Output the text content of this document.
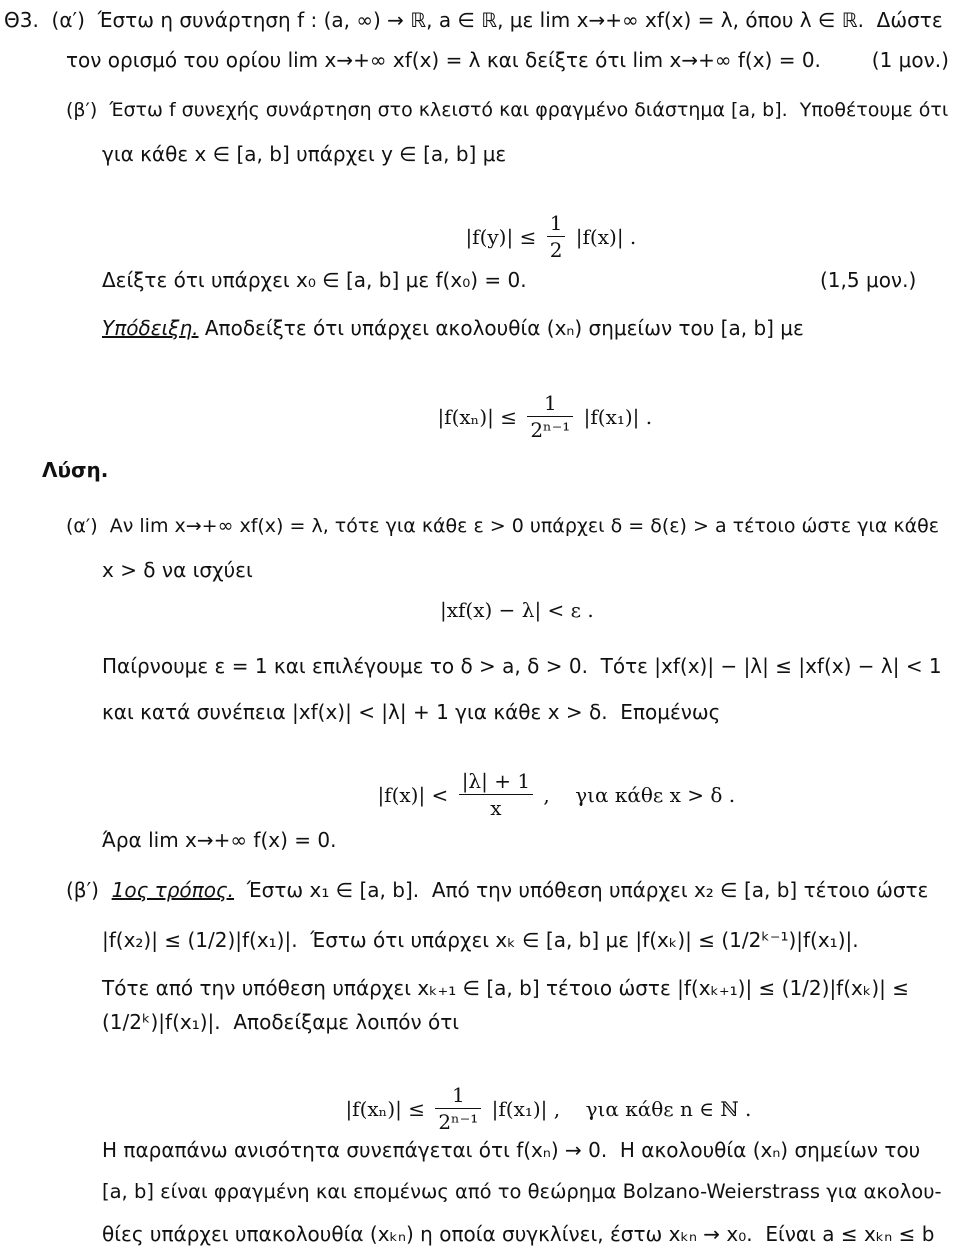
Θ3.  (α′)  Έστω η συνάρτηση f : (a, ∞) → ℝ, a ∈ ℝ, με lim x→+∞ xf(x) = λ, όπου λ ∈ ℝ.  Δώστε
τον ορισμό του ορίου lim x→+∞ xf(x) = λ και δείξτε ότι lim x→+∞ f(x) = 0.        (1 μον.)
(β′)  Έστω f συνεχής συνάρτηση στο κλειστό και φραγμένο διάστημα [a, b].  Υποθέτουμε ότι
για κάθε x ∈ [a, b] υπάρχει y ∈ [a, b] με

$|f(y)| \le \frac{1}{2} |f(x)|$ .

Δείξτε ότι υπάρχει x₀ ∈ [a, b] με f(x₀) = 0.	(1,5 μον.)
Υπόδειξη. Αποδείξτε ότι υπάρχει ακολουθία (xₙ) σημείων του [a, b] με

$|f(x_n)| \le \frac{1}{\text{2ⁿ⁻¹}} |f(x_1)|$ .

Λύση.
(α′)  Αν lim x→+∞ xf(x) = λ, τότε για κάθε ε > 0 υπάρχει δ = δ(ε) > a τέτοιο ώστε για κάθε
x > δ να ισχύει
|xf(x) − λ| < ε .
Παίρνουμε ε = 1 και επιλέγουμε το δ > a, δ > 0.  Τότε |xf(x)| − |λ| ≤ |xf(x) − λ| < 1
και κατά συνέπεια |xf(x)| < |λ| + 1 για κάθε x > δ.  Επομένως

$|f(x)| < \frac{|\lambda| + 1}{x}$ ,    για κάθε x > δ .

Άρα lim x→+∞ f(x) = 0.
(β′)  1ος τρόπος.  Έστω x₁ ∈ [a, b].  Από την υπόθεση υπάρχει x₂ ∈ [a, b] τέτοιο ώστε
|f(x₂)| ≤ (1/2)|f(x₁)|.  Έστω ότι υπάρχει xₖ ∈ [a, b] με |f(xₖ)| ≤ (1/2ᵏ⁻¹)|f(x₁)|.
Τότε από την υπόθεση υπάρχει xₖ₊₁ ∈ [a, b] τέτοιο ώστε |f(xₖ₊₁)| ≤ (1/2)|f(xₖ)| ≤
(1/2ᵏ)|f(x₁)|.  Αποδείξαμε λοιπόν ότι

$|f(x_n)| \le \frac{1}{\text{2ⁿ⁻¹}} |f(x_1)|$ ,    για κάθε n ∈ ℕ .

Η παραπάνω ανισότητα συνεπάγεται ότι f(xₙ) → 0.  Η ακολουθία (xₙ) σημείων του
[a, b] είναι φραγμένη και επομένως από το θεώρημα Bolzano-Weierstrass για ακολου-
θίες υπάρχει υπακολουθία (xₖₙ) η οποία συγκλίνει, έστω xₖₙ → x₀.  Είναι a ≤ xₖₙ ≤ b
